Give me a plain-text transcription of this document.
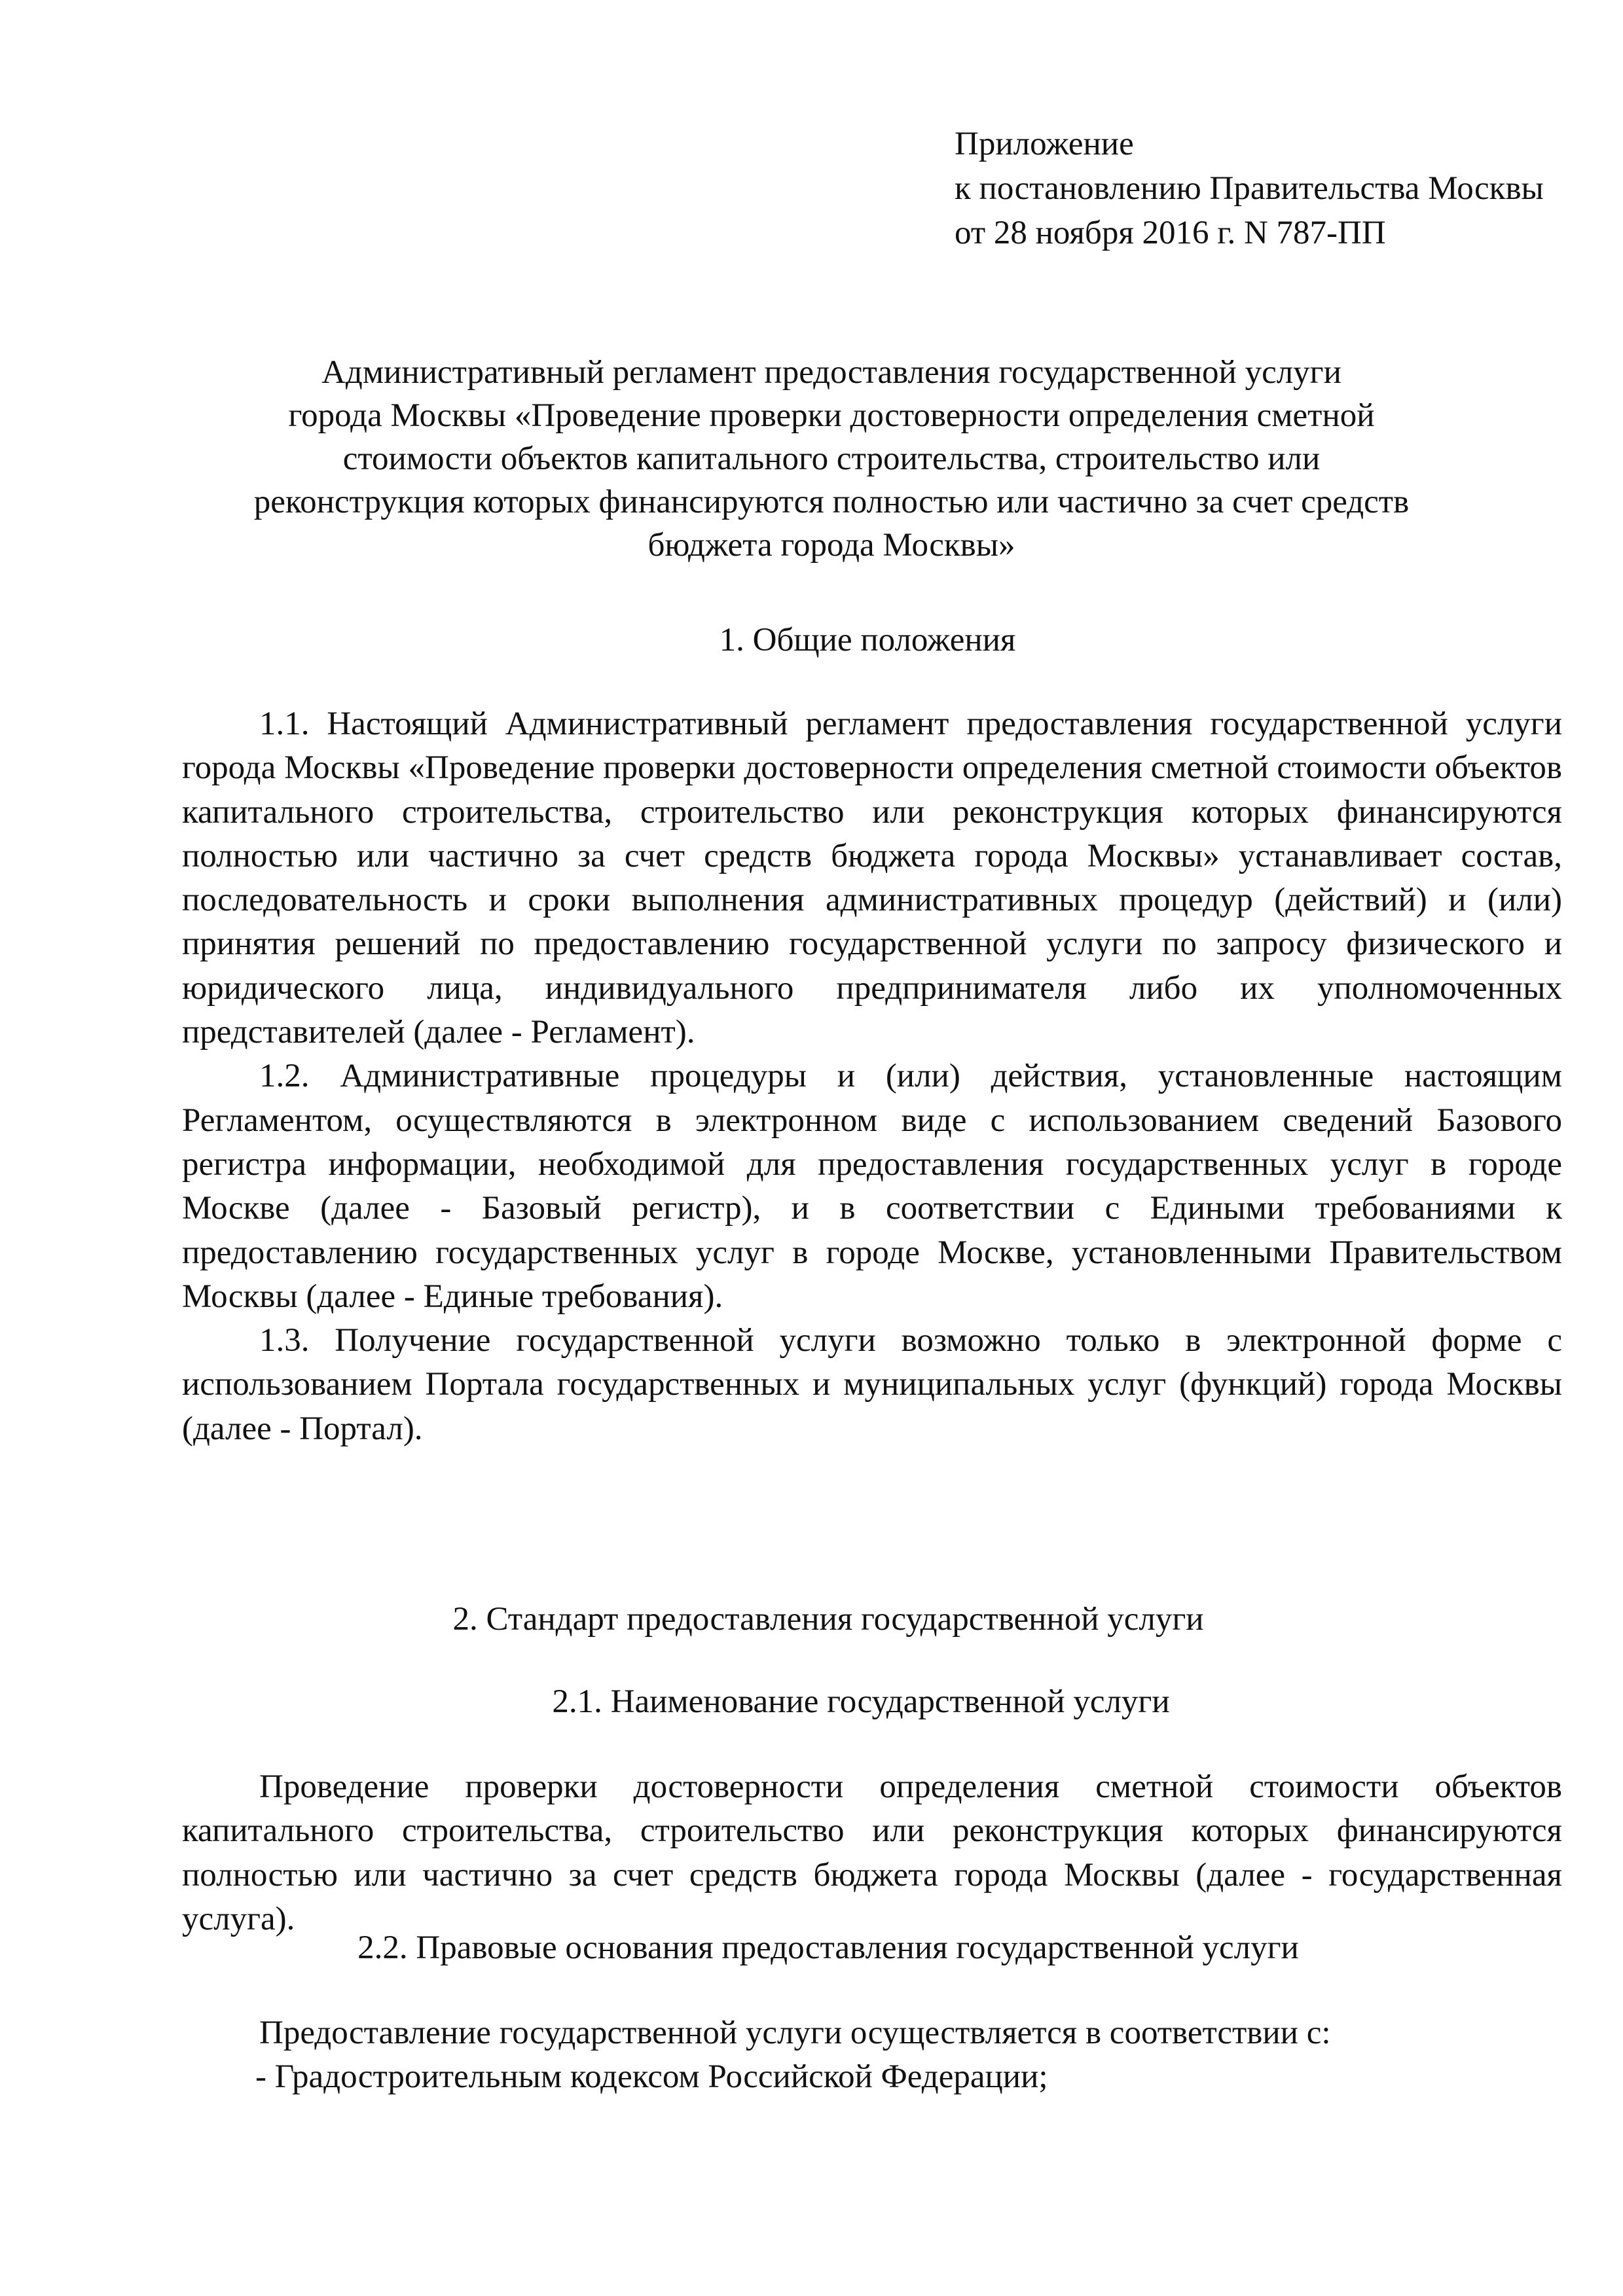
Приложение
к постановлению Правительства Москвы
от 28 ноября 2016 г. N 787-ПП
Административный регламент предоставления государственной услуги
города Москвы «Проведение проверки достоверности определения сметной
стоимости объектов капитального строительства, строительство или
реконструкция которых финансируются полностью или частично за счет средств
бюджета города Москвы»
1. Общие положения

1.1. Настоящий Административный регламент предоставления государственной услуги города Москвы «Проведение проверки достоверности определения сметной стоимости объектов капитального строительства, строительство или реконструкция которых финансируются полностью или частично за счет средств бюджета города Москвы» устанавливает состав, последовательность и сроки выполнения административных процедур (действий) и (или) принятия решений по предоставлению государственной услуги по запросу физического и юридического лица, индивидуального предпринимателя либо их уполномоченных представителей (далее - Регламент).

1.2. Административные процедуры и (или) действия, установленные настоящим Регламентом, осуществляются в электронном виде с использованием сведений Базового регистра информации, необходимой для предоставления государственных услуг в городе Москве (далее - Базовый регистр), и в соответствии с Едиными требованиями к предоставлению государственных услуг в городе Москве, установленными Правительством Москвы (далее - Единые требования).

1.3. Получение государственной услуги возможно только в электронной форме с использованием Портала государственных и муниципальных услуг (функций) города Москвы (далее - Портал).

2. Стандарт предоставления государственной услуги
2.1. Наименование государственной услуги

Проведение проверки достоверности определения сметной стоимости объектов капитального строительства, строительство или реконструкция которых финансируются полностью или частично за счет средств бюджета города Москвы (далее - государственная услуга).

2.2. Правовые основания предоставления государственной услуги

Предоставление государственной услуги осуществляется в соответствии с:

- Градостроительным кодексом Российской Федерации;
